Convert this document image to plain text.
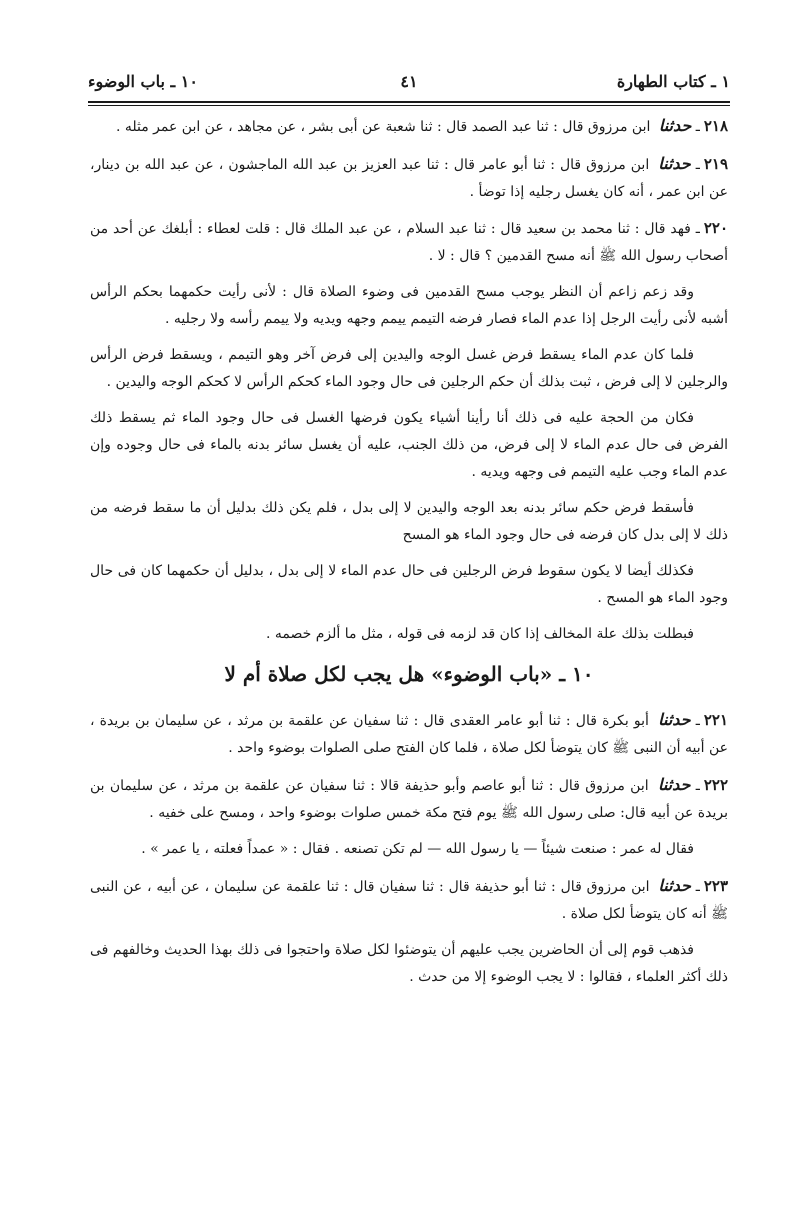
١ ـ كتاب الطهارة
٤١
١٠ ـ باب الوضوء

٢١٨ـ حدثنا ابن مرزوق قال : ثنا عبد الصمد قال : ثنا شعبة عن أبى بشر ، عن مجاهد ، عن ابن عمر مثله .

٢١٩ـ حدثنا ابن مرزوق قال : ثنا أبو عامر قال : ثنا عبد العزيز بن عبد الله الماجشون ، عن عبد الله بن دينار، عن ابن عمر ، أنه كان يغسل رجليه إذا توضأ .

٢٢٠ـ فهد قال : ثنا محمد بن سعيد قال : ثنا عبد السلام ، عن عبد الملك قال : قلت لعطاء : أبلغك عن أحد من أصحاب رسول الله ﷺ أنه مسح القدمين ؟ قال : لا .

وقد زعم زاعم أن النظر يوجب مسح القدمين فى وضوء الصلاة قال : لأنى رأيت حكمهما بحكم الرأس أشبه لأنى رأيت الرجل إذا عدم الماء فصار فرضه التيمم ييمم وجهه ويديه ولا ييمم رأسه ولا رجليه .

فلما كان عدم الماء يسقط فرض غسل الوجه واليدين إلى فرض آخر وهو التيمم ، ويسقط فرض الرأس والرجلين لا إلى فرض ، ثبت بذلك أن حكم الرجلين فى حال وجود الماء كحكم الرأس لا كحكم الوجه واليدين .

فكان من الحجة عليه فى ذلك أنا رأينا أشياء يكون فرضها الغسل فى حال وجود الماء ثم يسقط ذلك الفرض فى حال عدم الماء لا إلى فرض، من ذلك الجنب، عليه أن يغسل سائر بدنه بالماء فى حال وجوده وإن عدم الماء وجب عليه التيمم فى وجهه ويديه .

فأسقط فرض حكم سائر بدنه بعد الوجه واليدين لا إلى بدل ، فلم يكن ذلك بدليل أن ما سقط فرضه من ذلك لا إلى بدل كان فرضه فى حال وجود الماء هو المسح

فكذلك أيضا لا يكون سقوط فرض الرجلين فى حال عدم الماء لا إلى بدل ، بدليل أن حكمهما كان فى حال وجود الماء هو المسح .

فبطلت بذلك علة المخالف إذا كان قد لزمه فى قوله ، مثل ما ألزم خصمه .

١٠ ـ «باب الوضوء» هل يجب لكل صلاة أم لا

٢٢١ـ حدثنا أبو بكرة قال : ثنا أبو عامر العقدى قال : ثنا سفيان عن علقمة بن مرثد ، عن سليمان بن بريدة ، عن أبيه أن النبى ﷺ كان يتوضأ لكل صلاة ، فلما كان الفتح صلى الصلوات بوضوء واحد .

٢٢٢ـ حدثنا ابن مرزوق قال : ثنا أبو عاصم وأبو حذيفة قالا : ثنا سفيان عن علقمة بن مرثد ، عن سليمان بن بريدة عن أبيه قال: صلى رسول الله ﷺ يوم فتح مكة خمس صلوات بوضوء واحد ، ومسح على خفيه .

فقال له عمر : صنعت شيئاً — يا رسول الله — لم تكن تصنعه . فقال : « عمداً فعلته ، يا عمر » .

٢٢٣ـ حدثنا ابن مرزوق قال : ثنا أبو حذيفة قال : ثنا سفيان قال : ثنا علقمة عن سليمان ، عن أبيه ، عن النبى ﷺ أنه كان يتوضأ لكل صلاة .

فذهب قوم إلى أن الحاضرين يجب عليهم أن يتوضئوا لكل صلاة واحتجوا فى ذلك بهذا الحديث وخالفهم فى ذلك أكثر العلماء ، فقالوا : لا يجب الوضوء إلا من حدث .
